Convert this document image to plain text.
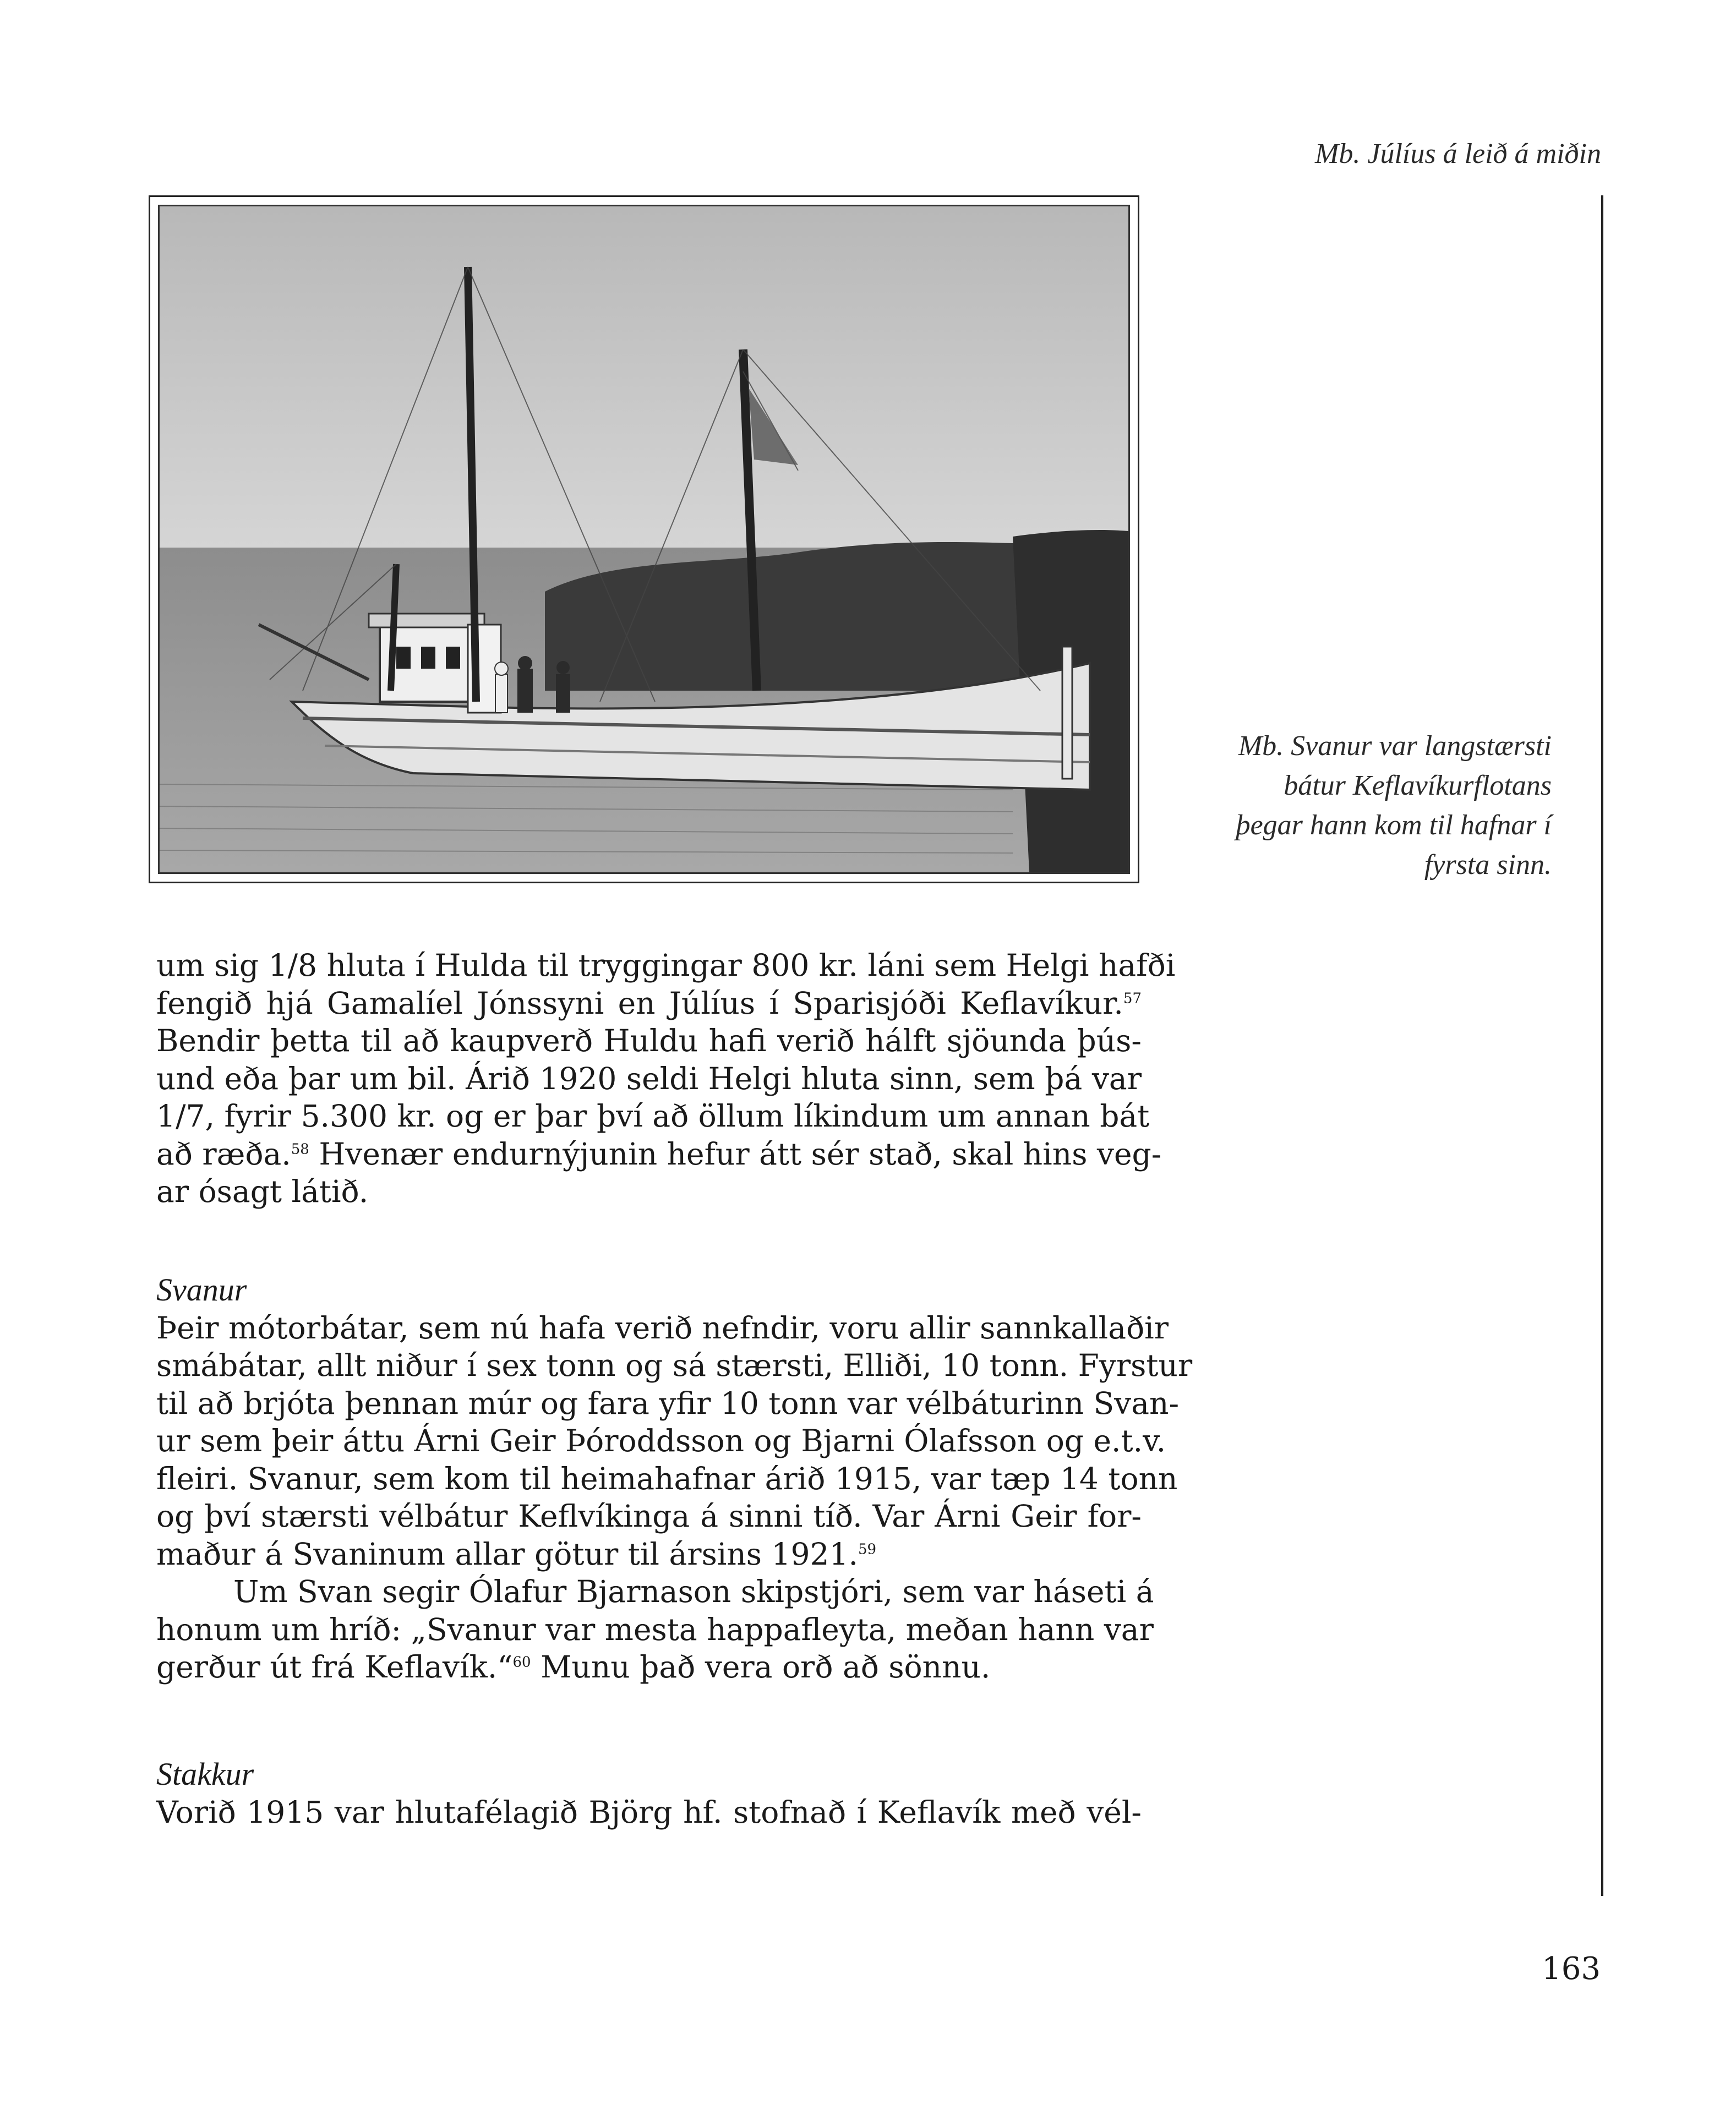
Mb. Júlíus á leið á miðin
Mb. Svanur var langstærsti
bátur Keflavíkurflotans
þegar hann kom til hafnar í
fyrsta sinn.
um sig 1/8 hluta í Hulda til tryggingar 800 kr. láni sem Helgi hafði
fengið hjá Gamalíel Jónssyni en Júlíus í Sparisjóði Keflavíkur.$^{57}$
Bendir þetta til að kaupverð Huldu hafi verið hálft sjöunda þús-
und eða þar um bil. Árið 1920 seldi Helgi hluta sinn, sem þá var
1/7, fyrir 5.300 kr. og er þar því að öllum líkindum um annan bát
að ræða.$^{58}$ Hvenær endurnýjunin hefur átt sér stað, skal hins veg-
ar ósagt látið.
Svanur
Þeir mótorbátar, sem nú hafa verið nefndir, voru allir sannkallaðir
smábátar, allt niður í sex tonn og sá stærsti, Elliði, 10 tonn. Fyrstur
til að brjóta þennan múr og fara yfir 10 tonn var vélbáturinn Svan-
ur sem þeir áttu Árni Geir Þóroddsson og Bjarni Ólafsson og e.t.v.
fleiri. Svanur, sem kom til heimahafnar árið 1915, var tæp 14 tonn
og því stærsti vélbátur Keflvíkinga á sinni tíð. Var Árni Geir for-
maður á Svaninum allar götur til ársins 1921.59
Um Svan segir Ólafur Bjarnason skipstjóri, sem var háseti á
honum um hríð: „Svanur var mesta happafleyta, meðan hann var
gerður út frá Keflavík.“$^{60}$ Munu það vera orð að sönnu.
Stakkur
Vorið 1915 var hlutafélagið Björg hf. stofnað í Keflavík með vél-
163
